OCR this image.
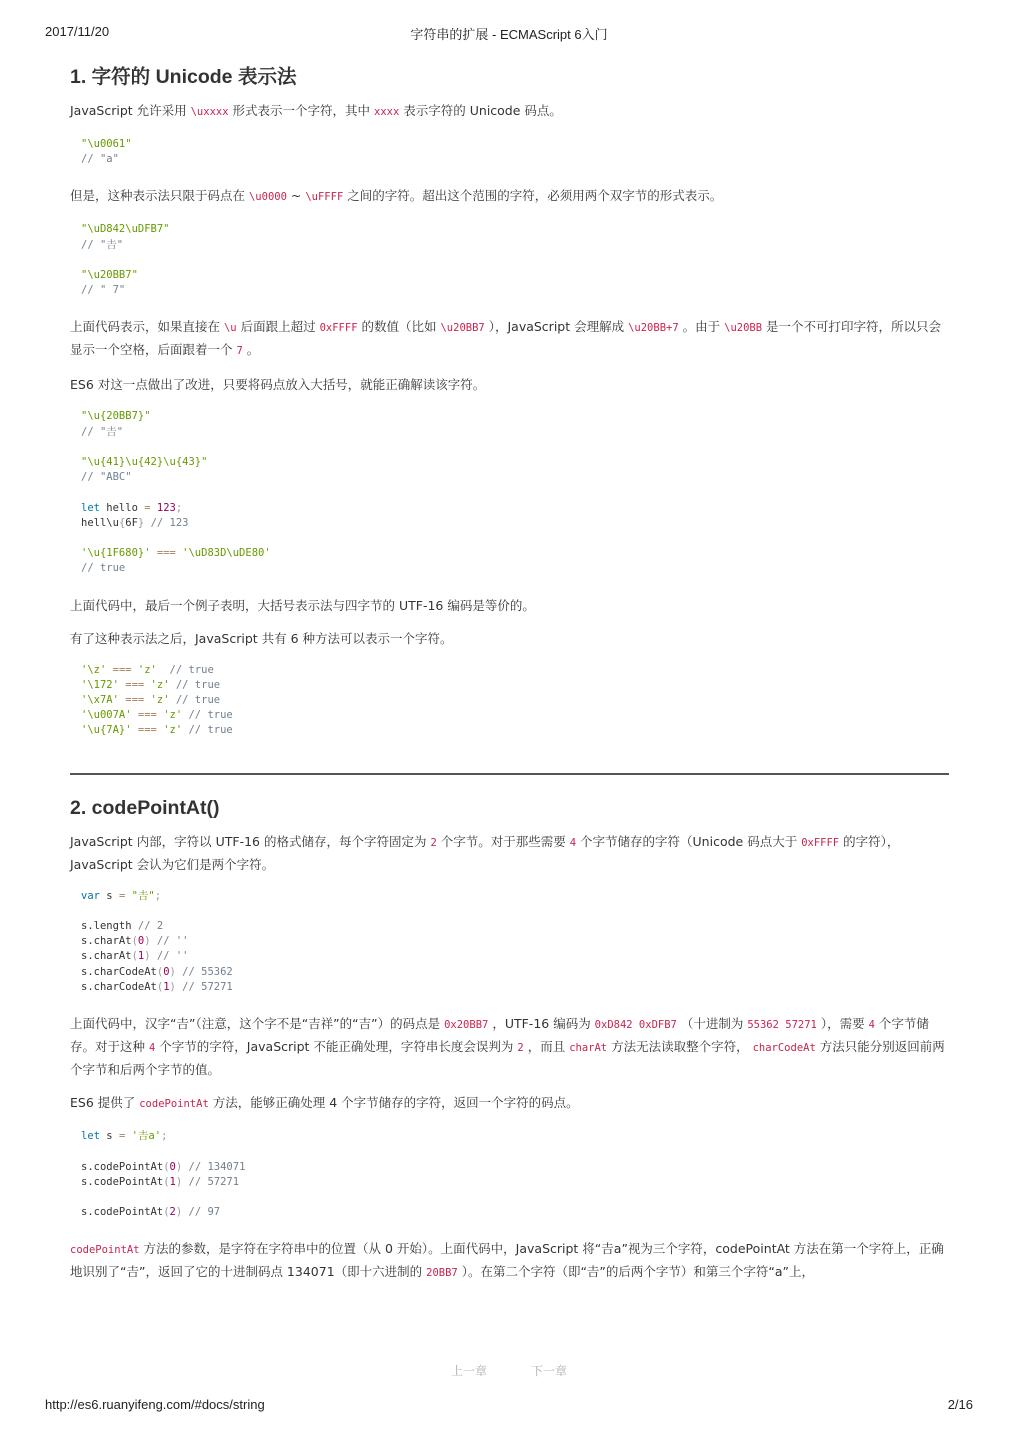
2017/11/20	字符串的扩展 - ECMAScript 6入门
1. 字符的 Unicode 表示法

JavaScript 允许采用 \uxxxx 形式表示一个字符，其中 xxxx 表示字符的 Unicode 码点。

"\u0061"
// "a"

但是，这种表示法只限于码点在 \u0000 ~ \uFFFF 之间的字符。超出这个范围的字符，必须用两个双字节的形式表示。

"\uD842\uDFB7"
// "𠮷"

"\u20BB7"
// " 7"

上面代码表示，如果直接在 \u 后面跟上超过 0xFFFF 的数值（比如 \u20BB7 ），JavaScript 会理解成 \u20BB+7 。由于 \u20BB 是一个不可打印字符，所以只会显示一个空格，后面跟着一个 7 。

ES6 对这一点做出了改进，只要将码点放入大括号，就能正确解读该字符。

"\u{20BB7}"
// "𠮷"

"\u{41}\u{42}\u{43}"
// "ABC"

let hello = 123;
hell\u{6F} // 123

'\u{1F680}' === '\uD83D\uDE80'
// true

上面代码中，最后一个例子表明，大括号表示法与四字节的 UTF-16 编码是等价的。

有了这种表示法之后，JavaScript 共有 6 种方法可以表示一个字符。

'\z' === 'z'  // true
'\172' === 'z' // true
'\x7A' === 'z' // true
'\u007A' === 'z' // true
'\u{7A}' === 'z' // true
2. codePointAt()

JavaScript 内部，字符以 UTF-16 的格式储存，每个字符固定为 2 个字节。对于那些需要 4 个字节储存的字符（Unicode 码点大于 0xFFFF 的字符），JavaScript 会认为它们是两个字符。

var s = "𠮷";

s.length // 2
s.charAt(0) // ''
s.charAt(1) // ''
s.charCodeAt(0) // 55362
s.charCodeAt(1) // 57271

上面代码中，汉字“𠮷”（注意，这个字不是“吉祥”的“吉”）的码点是 0x20BB7 ，UTF-16 编码为 0xD842 0xDFB7 （十进制为 55362 57271 ），需要 4 个字节储存。对于这种 4 个字节的字符，JavaScript 不能正确处理，字符串长度会误判为 2 ，而且 charAt 方法无法读取整个字符， charCodeAt 方法只能分别返回前两个字节和后两个字节的值。

ES6 提供了 codePointAt 方法，能够正确处理 4 个字节储存的字符，返回一个字符的码点。

let s = '𠮷a';

s.codePointAt(0) // 134071
s.codePointAt(1) // 57271

s.codePointAt(2) // 97

codePointAt 方法的参数，是字符在字符串中的位置（从 0 开始）。上面代码中，JavaScript 将“𠮷a”视为三个字符，codePointAt 方法在第一个字符上，正确地识别了“𠮷”，返回了它的十进制码点 134071（即十六进制的 20BB7 ）。在第二个字符（即“𠮷”的后两个字节）和第三个字符“a”上，

上一章	下一章
http://es6.ruanyifeng.com/#docs/string	2/16
